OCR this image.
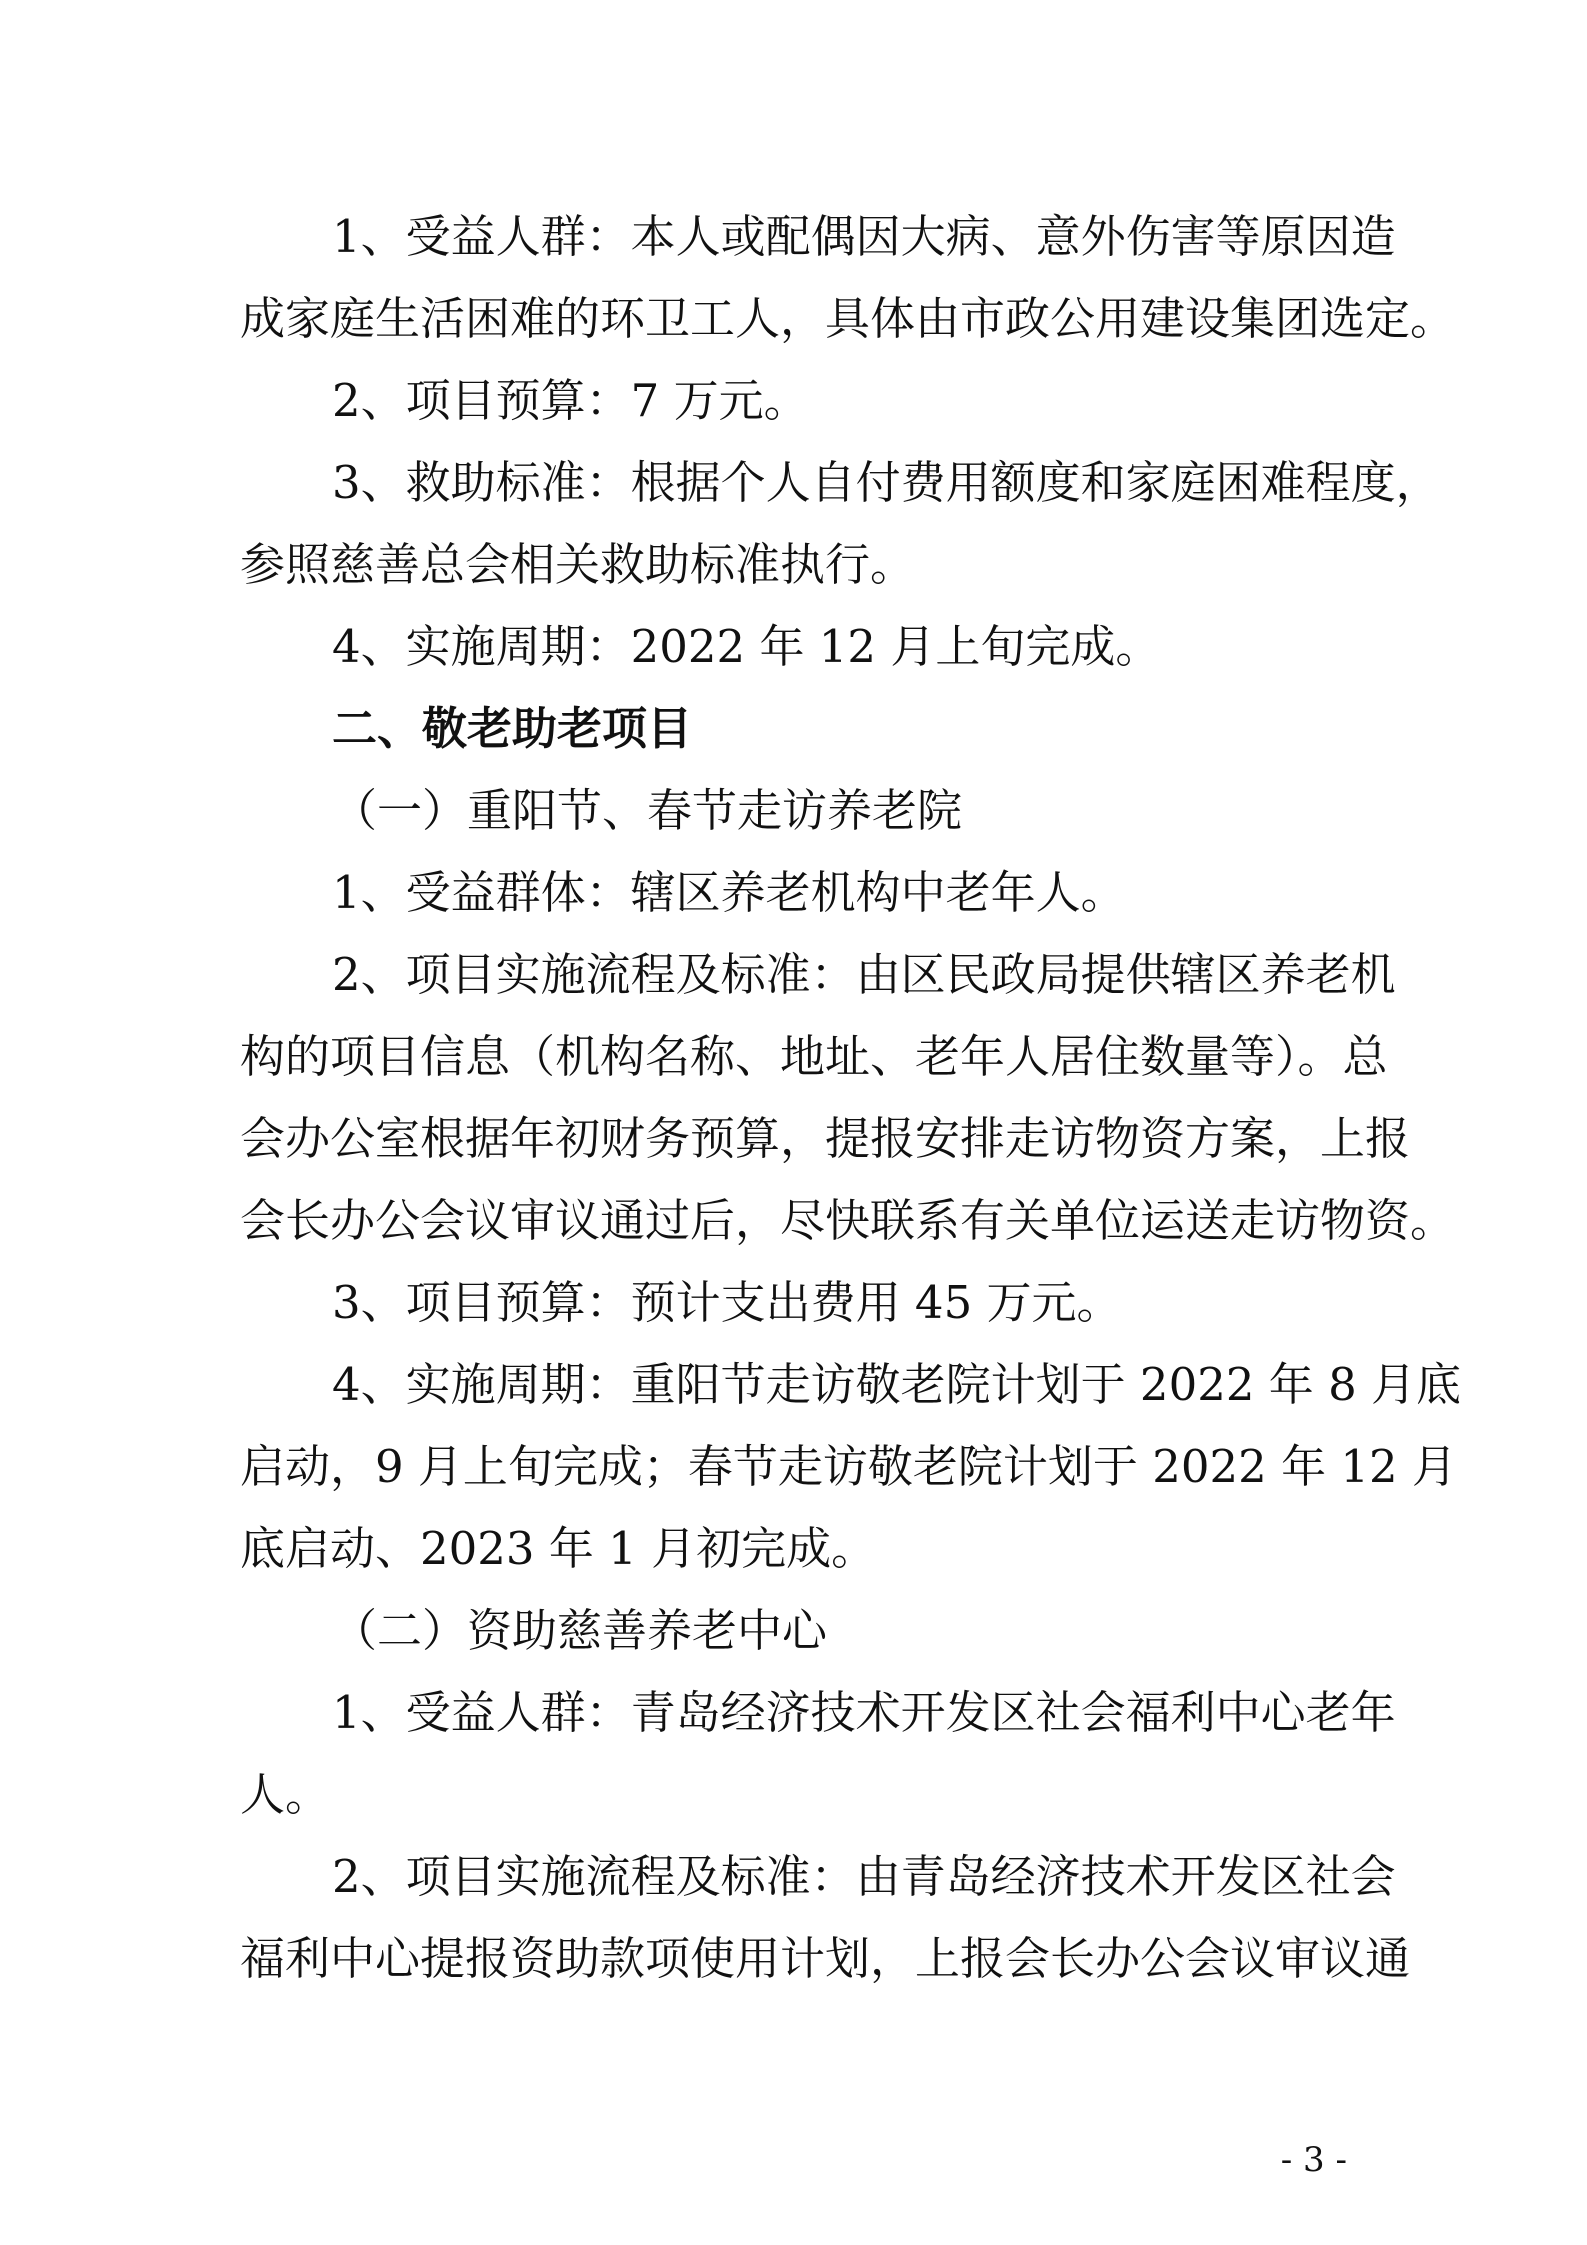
1、受益人群：本人或配偶因大病、意外伤害等原因造
成家庭生活困难的环卫工人，具体由市政公用建设集团选定。
2、项目预算：7 万元。
3、救助标准：根据个人自付费用额度和家庭困难程度，
参照慈善总会相关救助标准执行。
4、实施周期：2022 年 12 月上旬完成。
二、敬老助老项目
（一）重阳节、春节走访养老院
1、受益群体：辖区养老机构中老年人。
2、项目实施流程及标准：由区民政局提供辖区养老机
构的项目信息（机构名称、地址、老年人居住数量等）。总
会办公室根据年初财务预算，提报安排走访物资方案，上报
会长办公会议审议通过后，尽快联系有关单位运送走访物资。
3、项目预算：预计支出费用 45 万元。
4、实施周期：重阳节走访敬老院计划于 2022 年 8 月底
启动，9 月上旬完成；春节走访敬老院计划于 2022 年 12 月
底启动、2023 年 1 月初完成。
（二）资助慈善养老中心
1、受益人群：青岛经济技术开发区社会福利中心老年
人。
2、项目实施流程及标准：由青岛经济技术开发区社会
福利中心提报资助款项使用计划，上报会长办公会议审议通
- 3 -
